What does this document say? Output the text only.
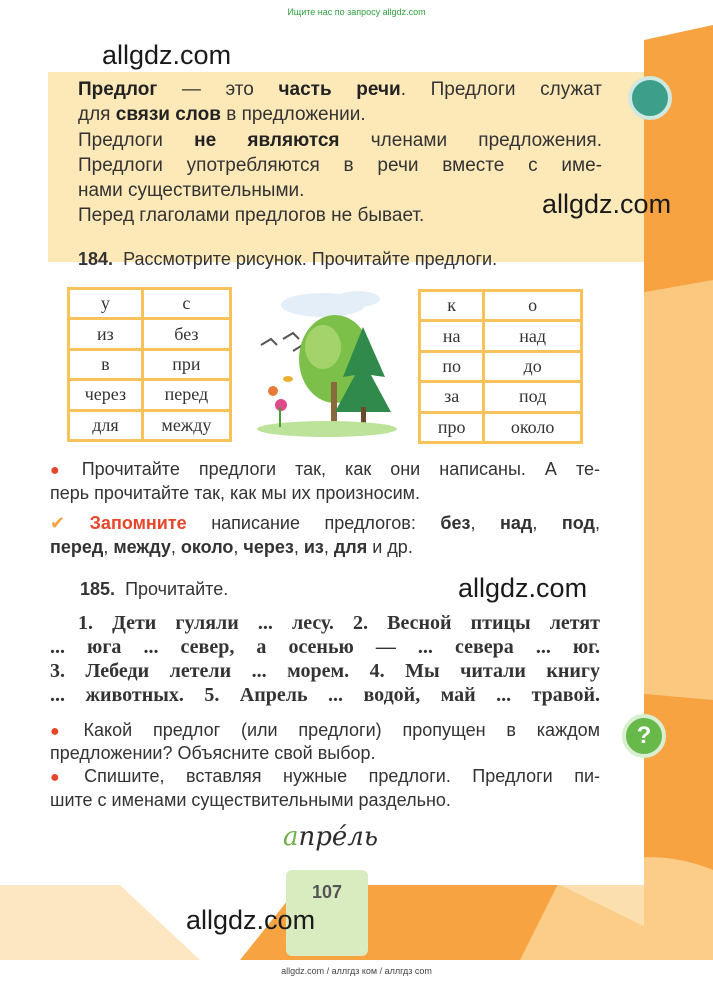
Ищите нас по запросу allgdz.com

Предлог — это часть речи. Предлоги служат

для связи слов в предложении.

Предлоги не являются членами предложения.

Предлоги употребляются в речи вместе с име-

нами существительными.

Перед глаголами предлогов не бывает.

184. Рассмотрите рисунок. Прочитайте предлоги.
● Прочитайте предлоги так, как они написаны. А те-
перь прочитайте так, как мы их произносим.
✔ Запомните написание предлогов: без, над, под,
перед, между, около, через, из, для и др.
185. Прочитайте.
1. Дети гуляли ... лесу. 2. Весной птицы летят
... юга ... север, а осенью — ... севера ... юг.
3. Лебеди летели ... морем. 4. Мы читали книгу
... животных. 5. Апрель ... водой, май ... травой.
● Какой предлог (или предлоги) пропущен в каждом
предложении? Объясните свой выбор.
● Спишите, вставляя нужные предлоги. Предлоги пи-
шите с именами существительными раздельно.
у	с
из	без
в	при
через	перед
для	между
к	о
на	над
по	до
за	под
про	около
?
апре́ль
107
allgdz.com
allgdz.com
allgdz.com
allgdz.com
allgdz.com / аллгдз ком / аллгдз com
